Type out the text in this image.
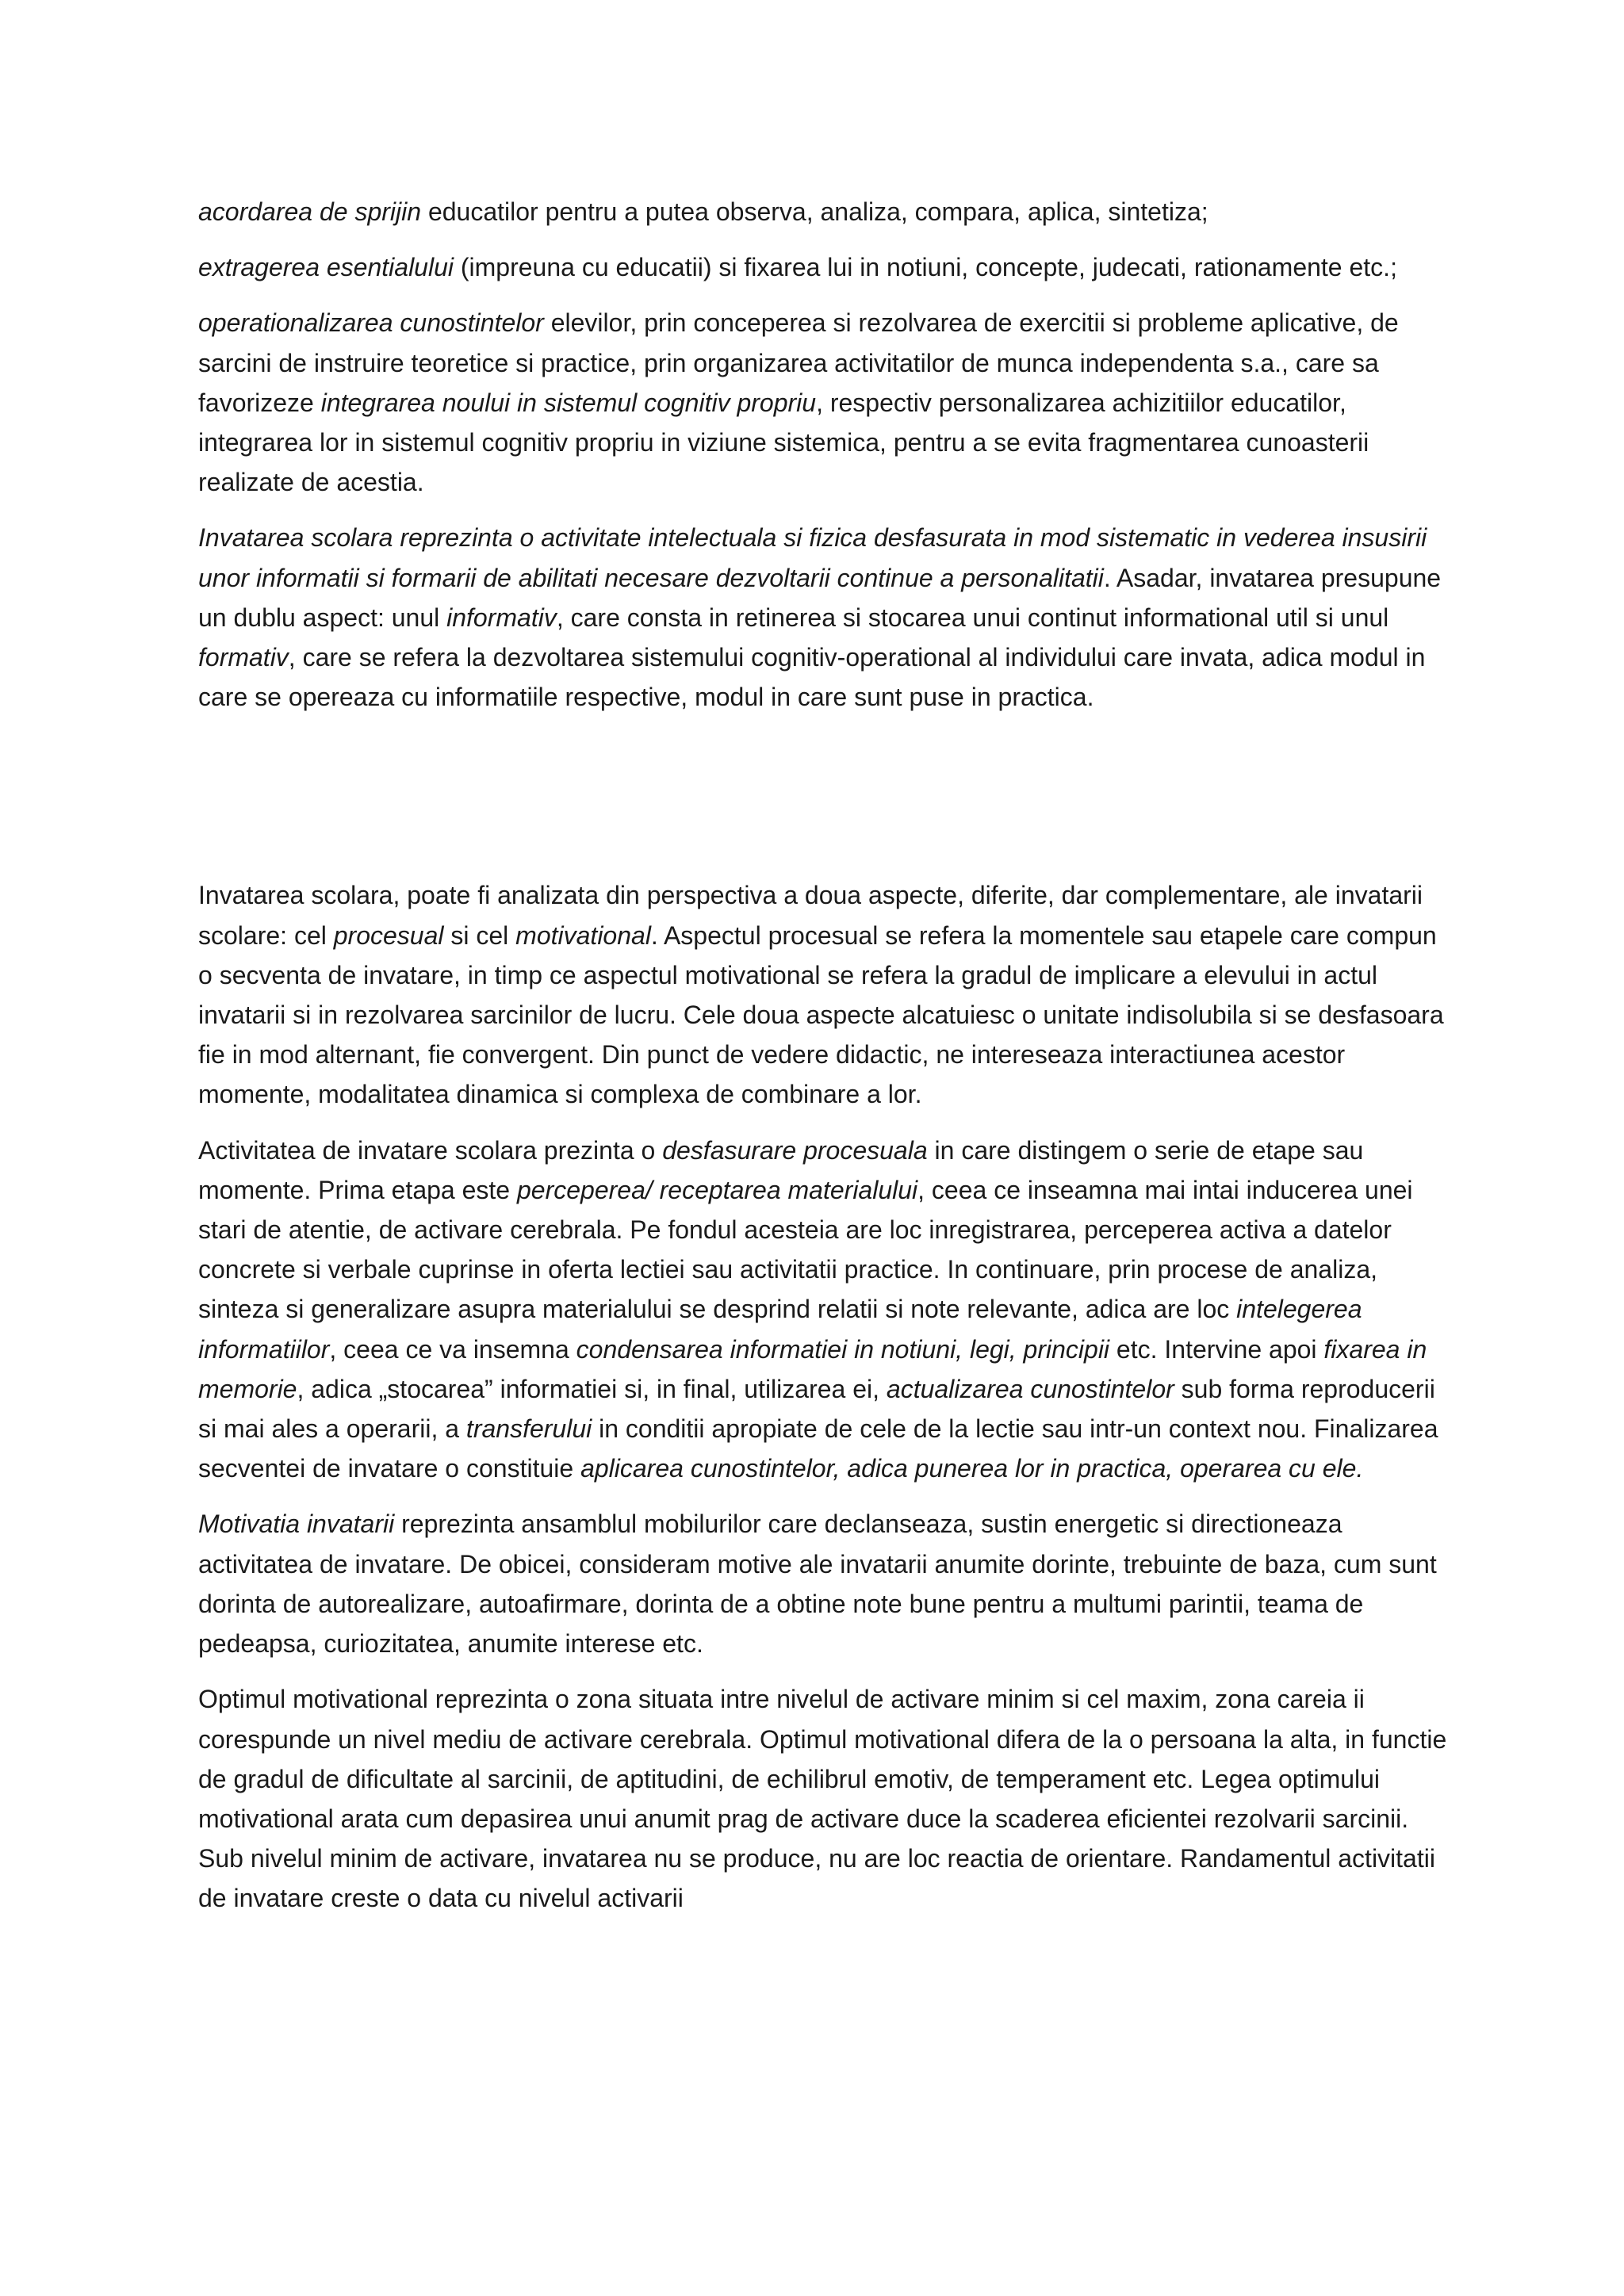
acordarea de sprijin educatilor pentru a putea observa, analiza, compara, aplica, sintetiza;

extragerea esentialului (impreuna cu educatii) si fixarea lui in notiuni, concepte, judecati, rationamente etc.;

operationalizarea cunostintelor elevilor, prin conceperea si rezolvarea de exercitii si probleme aplicative, de sarcini de instruire teoretice si practice, prin organizarea activitatilor de munca independenta s.a., care sa favorizeze integrarea noului in sistemul cognitiv propriu, respectiv personalizarea achizitiilor educatilor, integrarea lor in sistemul cognitiv propriu in viziune sistemica, pentru a se evita fragmentarea cunoasterii realizate de acestia.

Invatarea scolara reprezinta o activitate intelectuala si fizica desfasurata in mod sistematic in vederea insusirii unor informatii si formarii de abilitati necesare dezvoltarii continue a personalitatii. Asadar, invatarea presupune un dublu aspect: unul informativ, care consta in retinerea si stocarea unui continut informational util si unul formativ, care se refera la dezvoltarea sistemului cognitiv-operational al individului care invata, adica modul in care se opereaza cu informatiile respective, modul in care sunt puse in practica.

Invatarea scolara, poate fi analizata din perspectiva a doua aspecte, diferite, dar complementare, ale invatarii scolare: cel procesual si cel motivational. Aspectul procesual se refera la momentele sau etapele care compun o secventa de invatare, in timp ce aspectul motivational se refera la gradul de implicare a elevului in actul invatarii si in rezolvarea sarcinilor de lucru. Cele doua aspecte alcatuiesc o unitate indisolubila si se desfasoara fie in mod alternant, fie convergent. Din punct de vedere didactic, ne intereseaza interactiunea acestor momente, modalitatea dinamica si complexa de combinare a lor.

Activitatea de invatare scolara prezinta o desfasurare procesuala in care distingem o serie de etape sau momente. Prima etapa este perceperea/ receptarea materialului, ceea ce inseamna mai intai inducerea unei stari de atentie, de activare cerebrala. Pe fondul acesteia are loc inregistrarea, perceperea activa a datelor concrete si verbale cuprinse in oferta lectiei sau activitatii practice. In continuare, prin procese de analiza, sinteza si generalizare asupra materialului se desprind relatii si note relevante, adica are loc intelegerea informatiilor, ceea ce va insemna condensarea informatiei in notiuni, legi, principii etc. Intervine apoi fixarea in memorie, adica „stocarea” informatiei si, in final, utilizarea ei, actualizarea cunostintelor sub forma reproducerii si mai ales a operarii, a transferului in conditii apropiate de cele de la lectie sau intr-un context nou. Finalizarea secventei de invatare o constituie aplicarea cunostintelor, adica punerea lor in practica, operarea cu ele.

Motivatia invatarii reprezinta ansamblul mobilurilor care declanseaza, sustin energetic si directioneaza activitatea de invatare. De obicei, consideram motive ale invatarii anumite dorinte, trebuinte de baza, cum sunt dorinta de autorealizare, autoafirmare, dorinta de a obtine note bune pentru a multumi parintii, teama de pedeapsa, curiozitatea, anumite interese etc.

Optimul motivational reprezinta o zona situata intre nivelul de activare minim si cel maxim, zona careia ii corespunde un nivel mediu de activare cerebrala. Optimul motivational difera de la o persoana la alta, in functie de gradul de dificultate al sarcinii, de aptitudini, de echilibrul emotiv, de temperament etc. Legea optimului motivational arata cum depasirea unui anumit prag de activare duce la scaderea eficientei rezolvarii sarcinii. Sub nivelul minim de activare, invatarea nu se produce, nu are loc reactia de orientare. Randamentul activitatii de invatare creste o data cu nivelul activarii
